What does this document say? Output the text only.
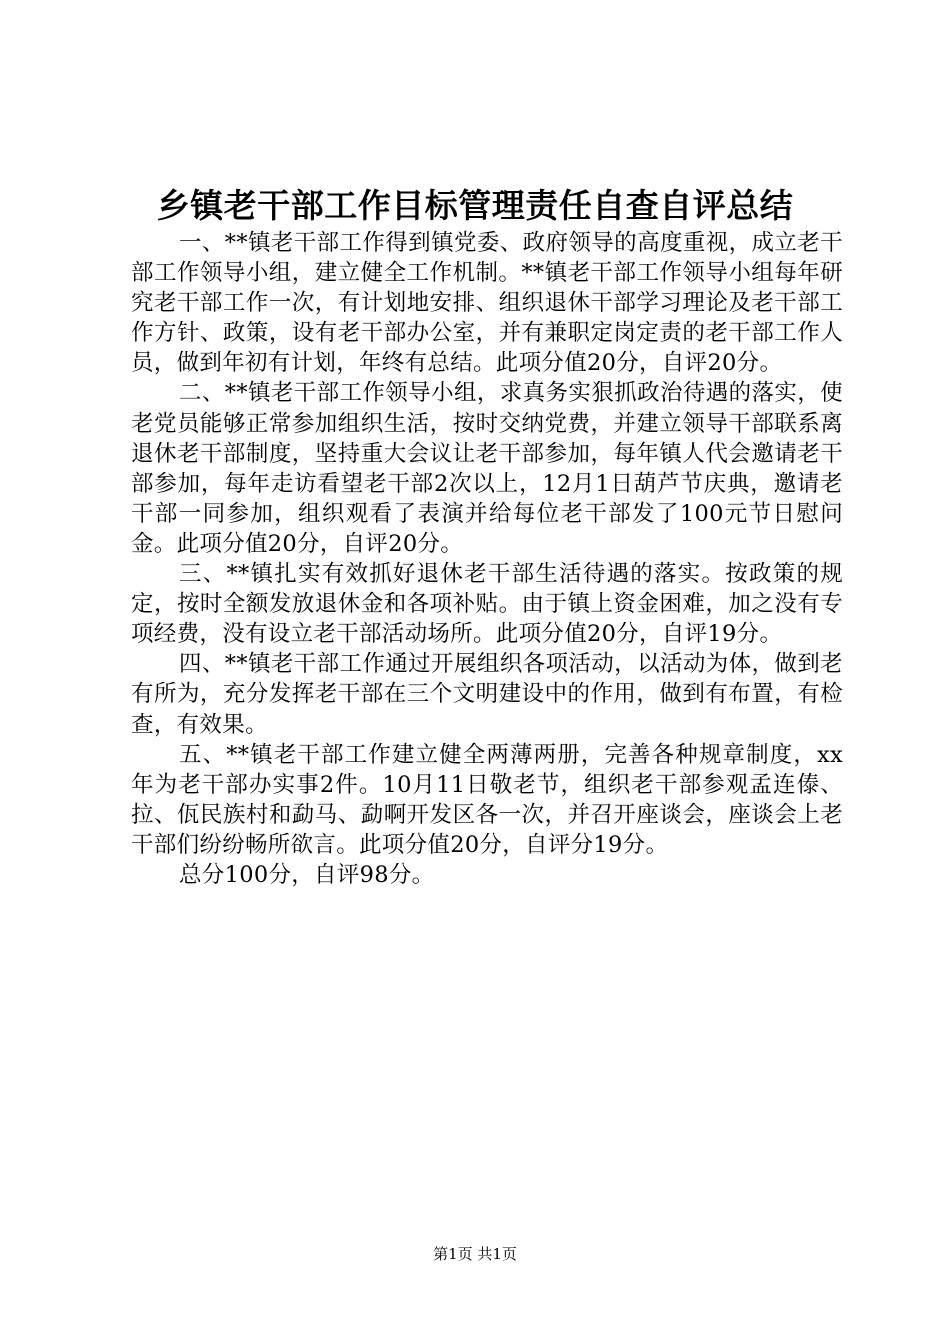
乡镇老干部工作目标管理责任自查自评总结

一、**镇老干部工作得到镇党委、政府领导的高度重视，成立老干部工作领导小组，建立健全工作机制。**镇老干部工作领导小组每年研究老干部工作一次，有计划地安排、组织退休干部学习理论及老干部工作方针、政策，设有老干部办公室，并有兼职定岗定责的老干部工作人员，做到年初有计划，年终有总结。此项分值20分，自评20分。

二、**镇老干部工作领导小组，求真务实狠抓政治待遇的落实，使老党员能够正常参加组织生活，按时交纳党费，并建立领导干部联系离退休老干部制度，坚持重大会议让老干部参加，每年镇人代会邀请老干部参加，每年走访看望老干部2次以上，12月1日葫芦节庆典，邀请老干部一同参加，组织观看了表演并给每位老干部发了100元节日慰问金。此项分值20分，自评20分。

三、**镇扎实有效抓好退休老干部生活待遇的落实。按政策的规定，按时全额发放退休金和各项补贴。由于镇上资金困难，加之没有专项经费，没有设立老干部活动场所。此项分值20分，自评19分。

四、**镇老干部工作通过开展组织各项活动，以活动为体，做到老有所为，充分发挥老干部在三个文明建设中的作用，做到有布置，有检查，有效果。

五、**镇老干部工作建立健全两薄两册，完善各种规章制度，xx年为老干部办实事2件。10月11日敬老节，组织老干部参观孟连傣、拉、佤民族村和勐马、勐啊开发区各一次，并召开座谈会，座谈会上老干部们纷纷畅所欲言。此项分值20分，自评分19分。

总分100分，自评98分。

第1页 共1页
